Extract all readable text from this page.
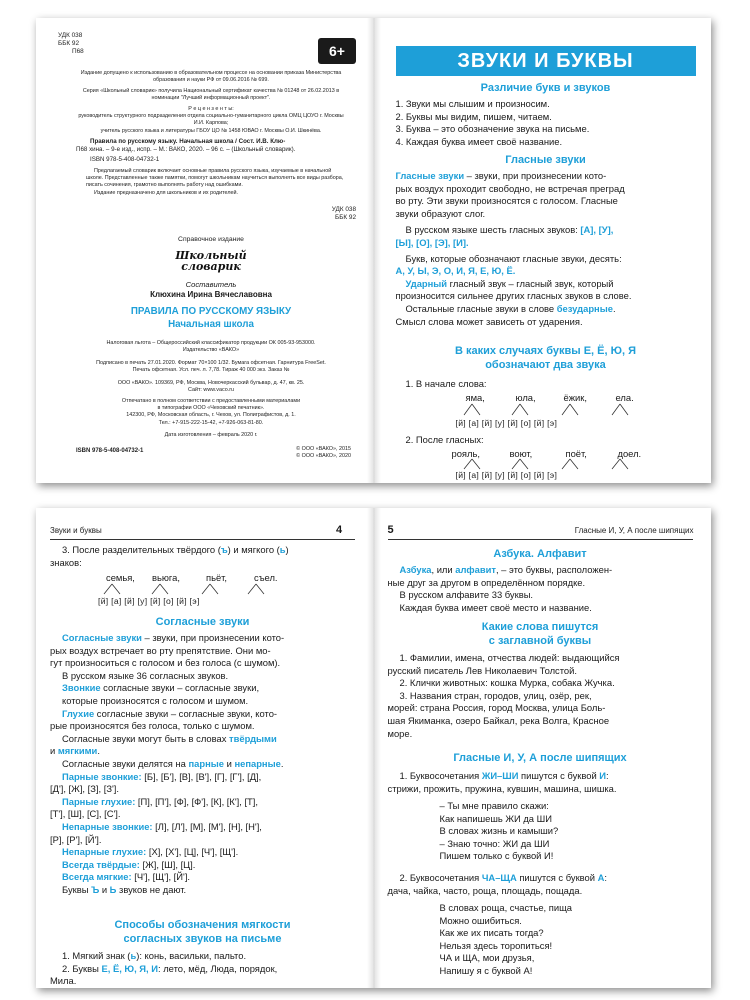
УДК 038
ББК 92
П68	6+
Издание допущено к использованию в образовательном процессе на основании приказа Министерства образования и науки РФ от 09.06.2016 № 699.
Серия «Школьный словарик» получила Национальный сертификат качества № 01248 от 26.02.2013 в номинации "Лучший информационный проект".
Р е ц е н з е н т ы:
руководитель структурного подразделения отдела социально-гуманитарного цикла ОМЦ ЦОУО г. Москвы И.И. Карпова;
учитель русского языка и литературы ГБОУ ЦО № 1458 ЮВАО г. Москвы О.И. Шкинёва.
Правила по русскому языку. Начальная школа / Сост. И.В. Клю-
П68 хина. – 9-е изд., испр. – М.: ВАКО, 2020. – 96 с. – (Школьный словарик).
ISBN 978-5-408-04732-1
Предлагаемый словарик включает основные правила русского языка, изучаемые в начальной школе. Представленные также памятки, помогут школьникам научиться выполнять все виды разбора, писать сочинения, грамотно выполнять работу над ошибками.
Издание предназначено для школьников и их родителей.
УДК 038
ББК 92
Справочное издание
Школьный
словарик
Составитель
Клюхина Ирина Вячеславовна
ПРАВИЛА ПО РУССКОМУ ЯЗЫКУ
Начальная школа
Налоговая льгота – Общероссийский классификатор продукции ОК 005-93-953000.
Издательство «ВАКО»
Подписано в печать 27.01.2020. Формат 70×100 1/32. Бумага офсетная. Гарнитура FreeSet.
Печать офсетная. Усл. печ. л. 7,78. Тираж 40 000 экз. Заказ №
ООО «ВАКО». 109369, РФ, Москва, Новочеркасский бульвар, д. 47, кв. 25.
Сайт: www.vaco.ru
Отпечатано в полном соответствии с предоставленными материалами
в типографии ООО «Чеховский печатник».
142300, РФ, Московская область, г. Чехов, ул. Полиграфистов, д. 1.
Тел.: +7-915-222-15-42, +7-926-063-81-80.
Дата изготовления – февраль 2020 г.
ISBN 978-5-408-04732-1	© ООО «ВАКО», 2015
© ООО «ВАКО», 2020
ЗВУКИ И БУКВЫ
Различие букв и звуков
1. Звуки мы слышим и произносим.
2. Буквы мы видим, пишем, читаем.
3. Буква – это обозначение звука на письме.
4. Каждая буква имеет своё название.
Гласные звуки
Гласные звуки – звуки, при произнесении кото-
рых воздух проходит свободно, не встречая преград
во рту. Эти звуки произносятся с голосом. Гласные
звуки образуют слог.
В русском языке шесть гласных звуков: [А], [У],
[Ы], [О], [Э], [И].
Букв, которые обозначают гласные звуки, десять:
А, У, Ы, Э, О, И, Я, Е, Ю, Ё.
Ударный гласный звук – гласный звук, который
произносится сильнее других гласных звуков в слове.
Остальные гласные звуки в слове безударные.
Смысл слова может зависеть от ударения.
В каких случаях буквы Е, Ё, Ю, Я
обозначают два звука
1. В начале слова:
яма,	юла,	ёжик,	ела.
[й] [а] [й] [у] [й] [о] [й] [э]
2. После гласных:
рояль,	воют,	поёт,	доел.
[й] [а] [й] [у] [й] [о] [й] [э]
Звуки и буквы	4
3. После разделительных твёрдого (ъ) и мягкого (ь)
знаков:
семья, вьюга,	пьёт,	съел.
[й] [а] [й] [у] [й] [о] [й] [э]
Согласные звуки
Согласные звуки – звуки, при произнесении кото-
рых воздух встречает во рту препятствие. Они мо-
гут произноситься с голосом и без голоса (с шумом).
В русском языке 36 согласных звуков.
Звонкие согласные звуки – согласные звуки,
которые произносятся с голосом и шумом.
Глухие согласные звуки – согласные звуки, кото-
рые произносятся без голоса, только с шумом.
Согласные звуки могут быть в словах твёрдыми
и мягкими.
Согласные звуки делятся на парные и непарные.
Парные звонкие: [Б], [Б'], [В], [В'], [Г], [Г'], [Д],
[Д'], [Ж], [З], [З'].
Парные глухие: [П], [П'], [Ф], [Ф'], [К], [К'], [Т],
[Т'], [Ш], [С], [С'].
Непарные звонкие: [Л], [Л'], [М], [М'], [Н], [Н'],
[Р], [Р'], [Й'].
Непарные глухие: [Х], [Х'], [Ц], [Ч'], [Щ'].
Всегда твёрдые: [Ж], [Ш], [Ц].
Всегда мягкие: [Ч'], [Щ'], [Й'].
Буквы Ъ и Ь звуков не дают.
Способы обозначения мягкости
согласных звуков на письме
1. Мягкий знак (ь): конь, васильки, пальто.
2. Буквы Е, Ё, Ю, Я, И: лето, мёд, Люда, порядок,
Мила.
5	Гласные И, У, А после шипящих
Азбука. Алфавит
Азбука, или алфавит, – это буквы, расположен-
ные друг за другом в определённом порядке.
В русском алфавите 33 буквы.
Каждая буква имеет своё место и название.
Какие слова пишутся
с заглавной буквы
1. Фамилии, имена, отчества людей: выдающийся
русский писатель Лев Николаевич Толстой.
2. Клички животных: кошка Мурка, собака Жучка.
3. Названия стран, городов, улиц, озёр, рек,
морей: страна Россия, город Москва, улица Боль-
шая Якиманка, озеро Байкал, река Волга, Красное
море.
Гласные И, У, А после шипящих
1. Буквосочетания ЖИ–ШИ пишутся с буквой И:
стрижи, прожить, пружина, кувшин, машина, шишка.
– Ты мне правило скажи:
Как напишешь ЖИ да ШИ
В словах жизнь и камыши?
– Знаю точно: ЖИ да ШИ
Пишем только с буквой И!
2. Буквосочетания ЧА–ЩА пишутся с буквой А:
дача, чайка, часто, роща, площадь, пощада.
В словах роща, счастье, пища
Можно ошибиться.
Как же их писать тогда?
Нельзя здесь торопиться!
ЧА и ЩА, мои друзья,
Напишу я с буквой А!
